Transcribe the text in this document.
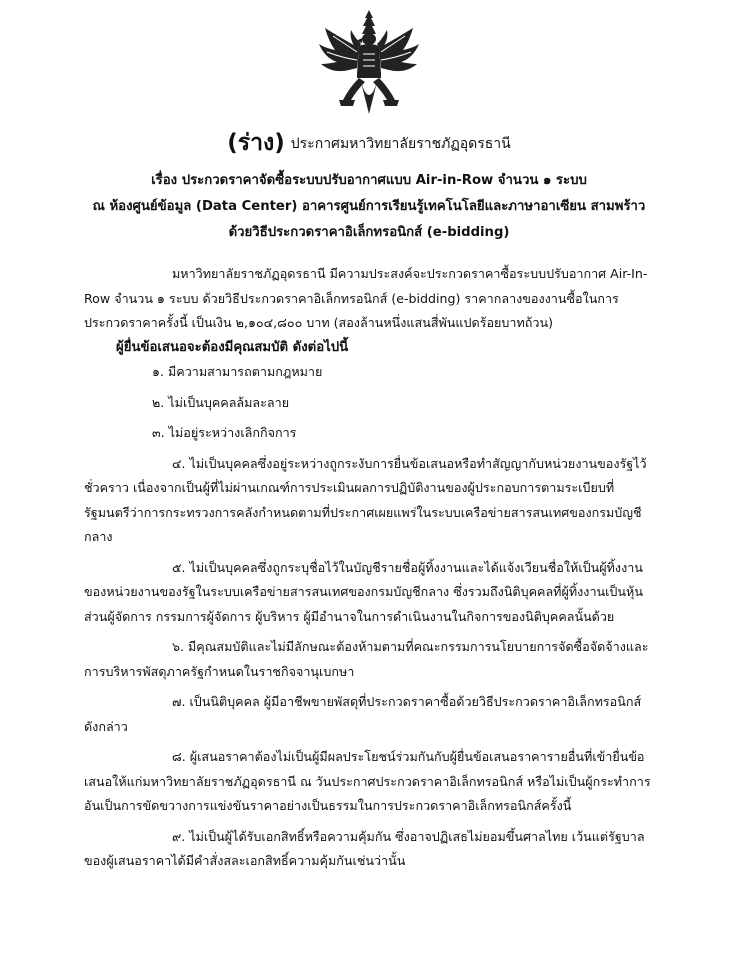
(ร่าง) ประกาศมหาวิทยาลัยราชภัฏอุดรธานี
เรื่อง ประกวดราคาจัดซื้อระบบปรับอากาศแบบ Air-in-Row จำนวน ๑ ระบบ
ณ ห้องศูนย์ข้อมูล (Data Center) อาคารศูนย์การเรียนรู้เทคโนโลยีและภาษาอาเซียน สามพร้าว
ด้วยวิธีประกวดราคาอิเล็กทรอนิกส์ (e-bidding)

มหาวิทยาลัยราชภัฏอุดรธานี มีความประสงค์จะประกวดราคาซื้อระบบปรับอากาศ Air-In-Row จำนวน ๑ ระบบ ด้วยวิธีประกวดราคาอิเล็กทรอนิกส์ (e-bidding) ราคากลางของงานซื้อในการประกวดราคาครั้งนี้ เป็นเงิน ๒,๑๐๔,๘๐๐ บาท (สองล้านหนึ่งแสนสี่พันแปดร้อยบาทถ้วน)

ผู้ยื่นข้อเสนอจะต้องมีคุณสมบัติ ดังต่อไปนี้

๑. มีความสามารถตามกฎหมาย

๒. ไม่เป็นบุคคลล้มละลาย

๓. ไม่อยู่ระหว่างเลิกกิจการ

๔. ไม่เป็นบุคคลซึ่งอยู่ระหว่างถูกระงับการยื่นข้อเสนอหรือทำสัญญากับหน่วยงานของรัฐไว้ชั่วคราว เนื่องจากเป็นผู้ที่ไม่ผ่านเกณฑ์การประเมินผลการปฏิบัติงานของผู้ประกอบการตามระเบียบที่รัฐมนตรีว่าการกระทรวงการคลังกำหนดตามที่ประกาศเผยแพร่ในระบบเครือข่ายสารสนเทศของกรมบัญชีกลาง

๕. ไม่เป็นบุคคลซึ่งถูกระบุชื่อไว้ในบัญชีรายชื่อผู้ทิ้งงานและได้แจ้งเวียนชื่อให้เป็นผู้ทิ้งงานของหน่วยงานของรัฐในระบบเครือข่ายสารสนเทศของกรมบัญชีกลาง ซึ่งรวมถึงนิติบุคคลที่ผู้ทิ้งงานเป็นหุ้นส่วนผู้จัดการ กรรมการผู้จัดการ ผู้บริหาร ผู้มีอำนาจในการดำเนินงานในกิจการของนิติบุคคลนั้นด้วย

๖. มีคุณสมบัติและไม่มีลักษณะต้องห้ามตามที่คณะกรรมการนโยบายการจัดซื้อจัดจ้างและการบริหารพัสดุภาครัฐกำหนดในราชกิจจานุเบกษา

๗. เป็นนิติบุคคล ผู้มีอาชีพขายพัสดุที่ประกวดราคาซื้อด้วยวิธีประกวดราคาอิเล็กทรอนิกส์ ดังกล่าว

๘. ผู้เสนอราคาต้องไม่เป็นผู้มีผลประโยชน์ร่วมกันกับผู้ยื่นข้อเสนอราคารายอื่นที่เข้ายื่นข้อเสนอให้แก่มหาวิทยาลัยราชภัฏอุดรธานี ณ วันประกาศประกวดราคาอิเล็กทรอนิกส์ หรือไม่เป็นผู้กระทำการอันเป็นการขัดขวางการแข่งขันราคาอย่างเป็นธรรมในการประกวดราคาอิเล็กทรอนิกส์ครั้งนี้

๙. ไม่เป็นผู้ได้รับเอกสิทธิ์หรือความคุ้มกัน ซึ่งอาจปฏิเสธไม่ยอมขึ้นศาลไทย เว้นแต่รัฐบาลของผู้เสนอราคาได้มีคำสั่งสละเอกสิทธิ์ความคุ้มกันเช่นว่านั้น
